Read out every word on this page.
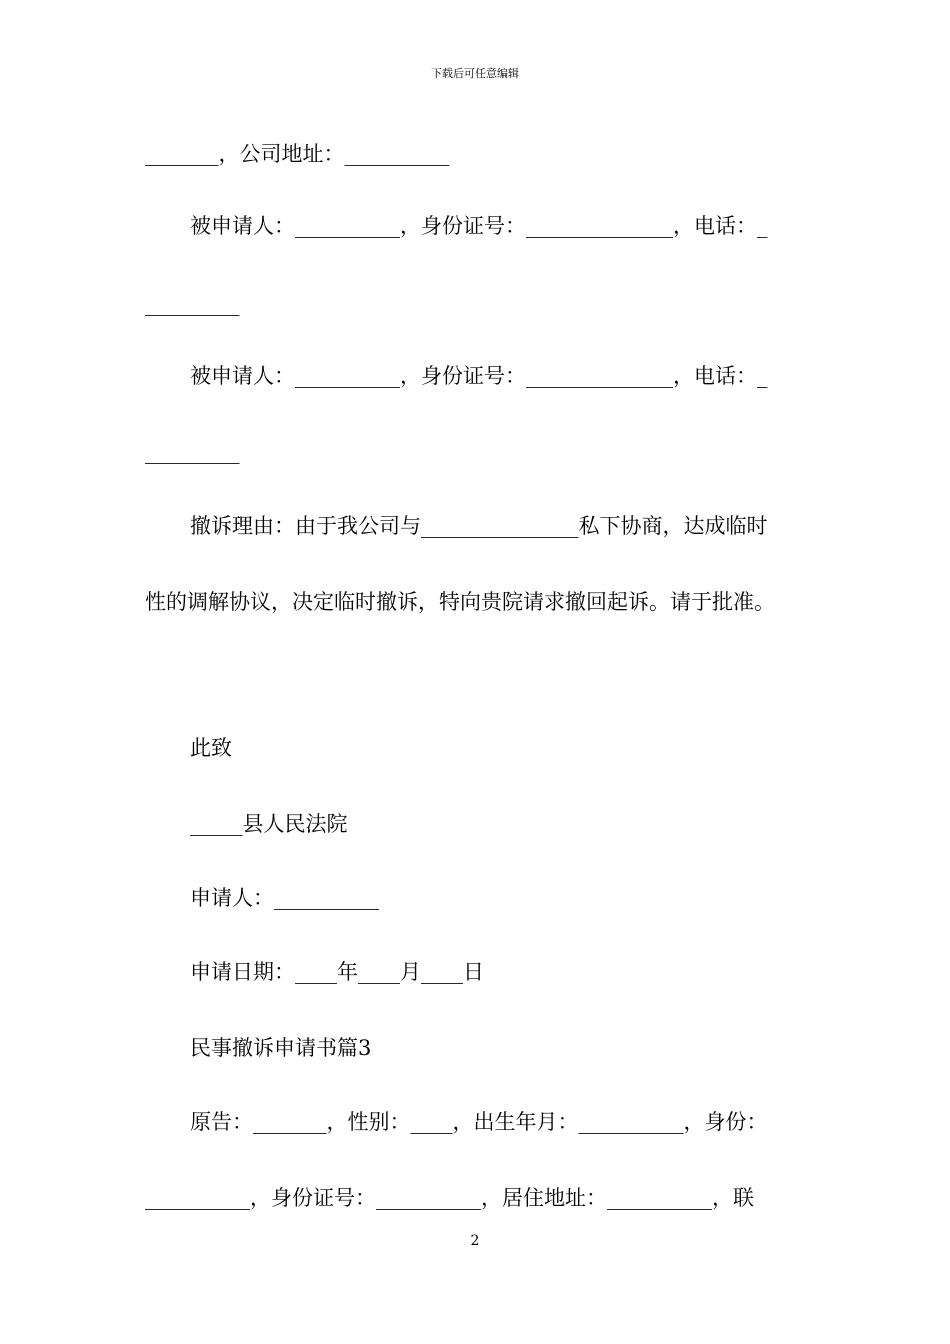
下载后可任意编辑
_______，公司地址：__________
被申请人：__________，身份证号：______________，电话：_
_________
被申请人：__________，身份证号：______________，电话：_
_________
撤诉理由：由于我公司与_______________私下协商，达成临时
性的调解协议，决定临时撤诉，特向贵院请求撤回起诉。请于批准。
此致
_____县人民法院
申请人：__________
申请日期：____年____月____日
民事撤诉申请书篇3
原告：_______，性别：____，出生年月：__________，身份：
__________，身份证号：__________，居住地址：__________，联
2
